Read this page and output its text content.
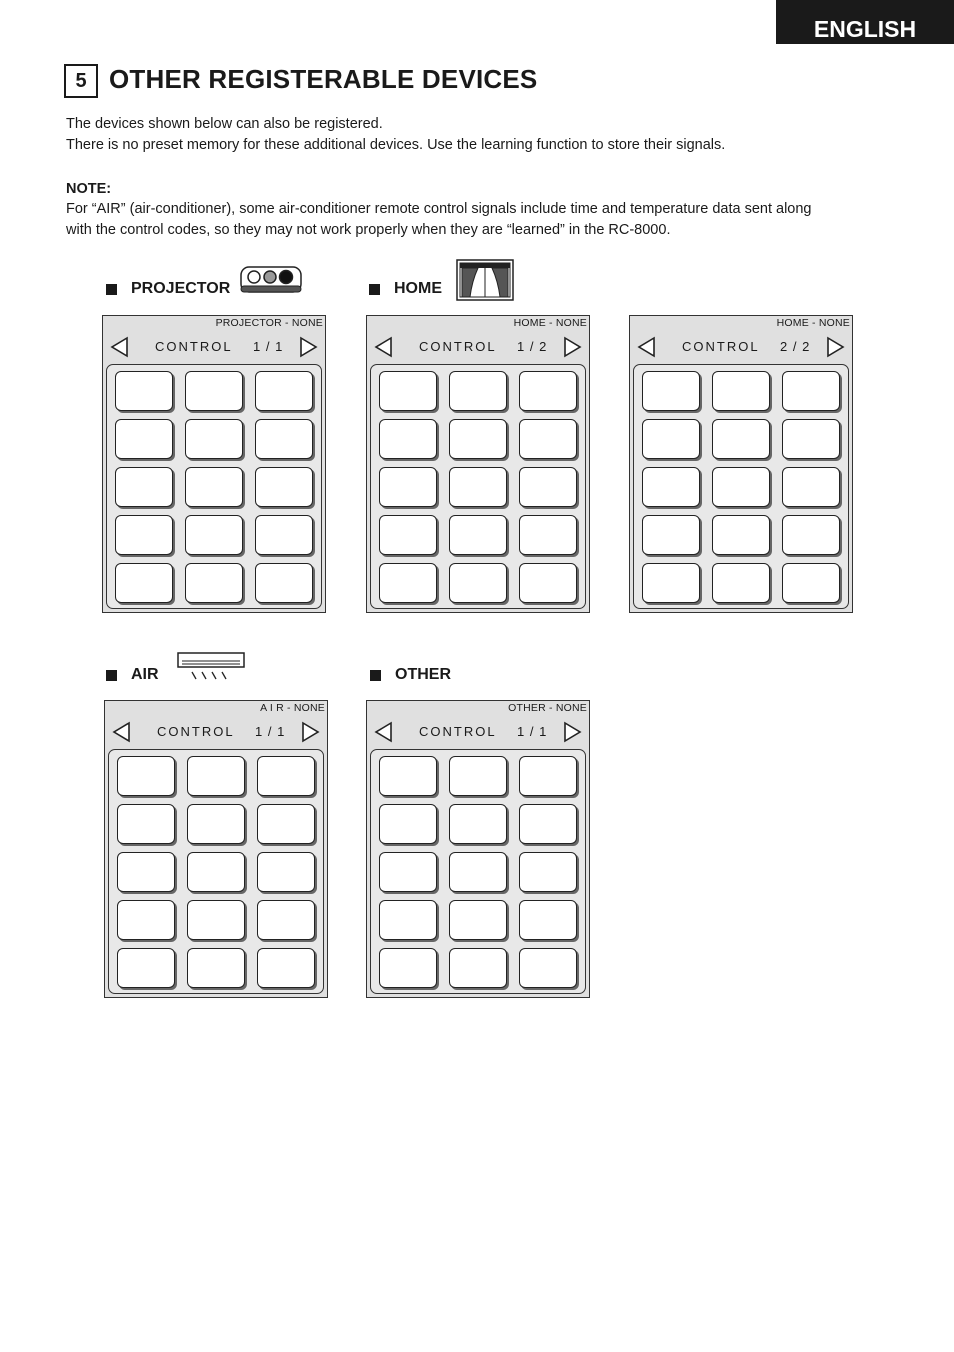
ENGLISH
5 OTHER REGISTERABLE DEVICES
The devices shown below can also be registered.
There is no preset memory for these additional devices. Use the learning function to store their signals.
NOTE:
For “AIR” (air-conditioner), some air-conditioner remote control signals include time and temperature data sent along
with the control codes, so they may not work properly when they are “learned” in the RC-8000.
PROJECTOR	HOME
AIR	OTHER
PROJECTOR - NONE
CONTROL 1 / 1
HOME - NONE
CONTROL 1 / 2
HOME - NONE
CONTROL 2 / 2
A I R - NONE
CONTROL 1 / 1
OTHER - NONE
CONTROL 1 / 1
